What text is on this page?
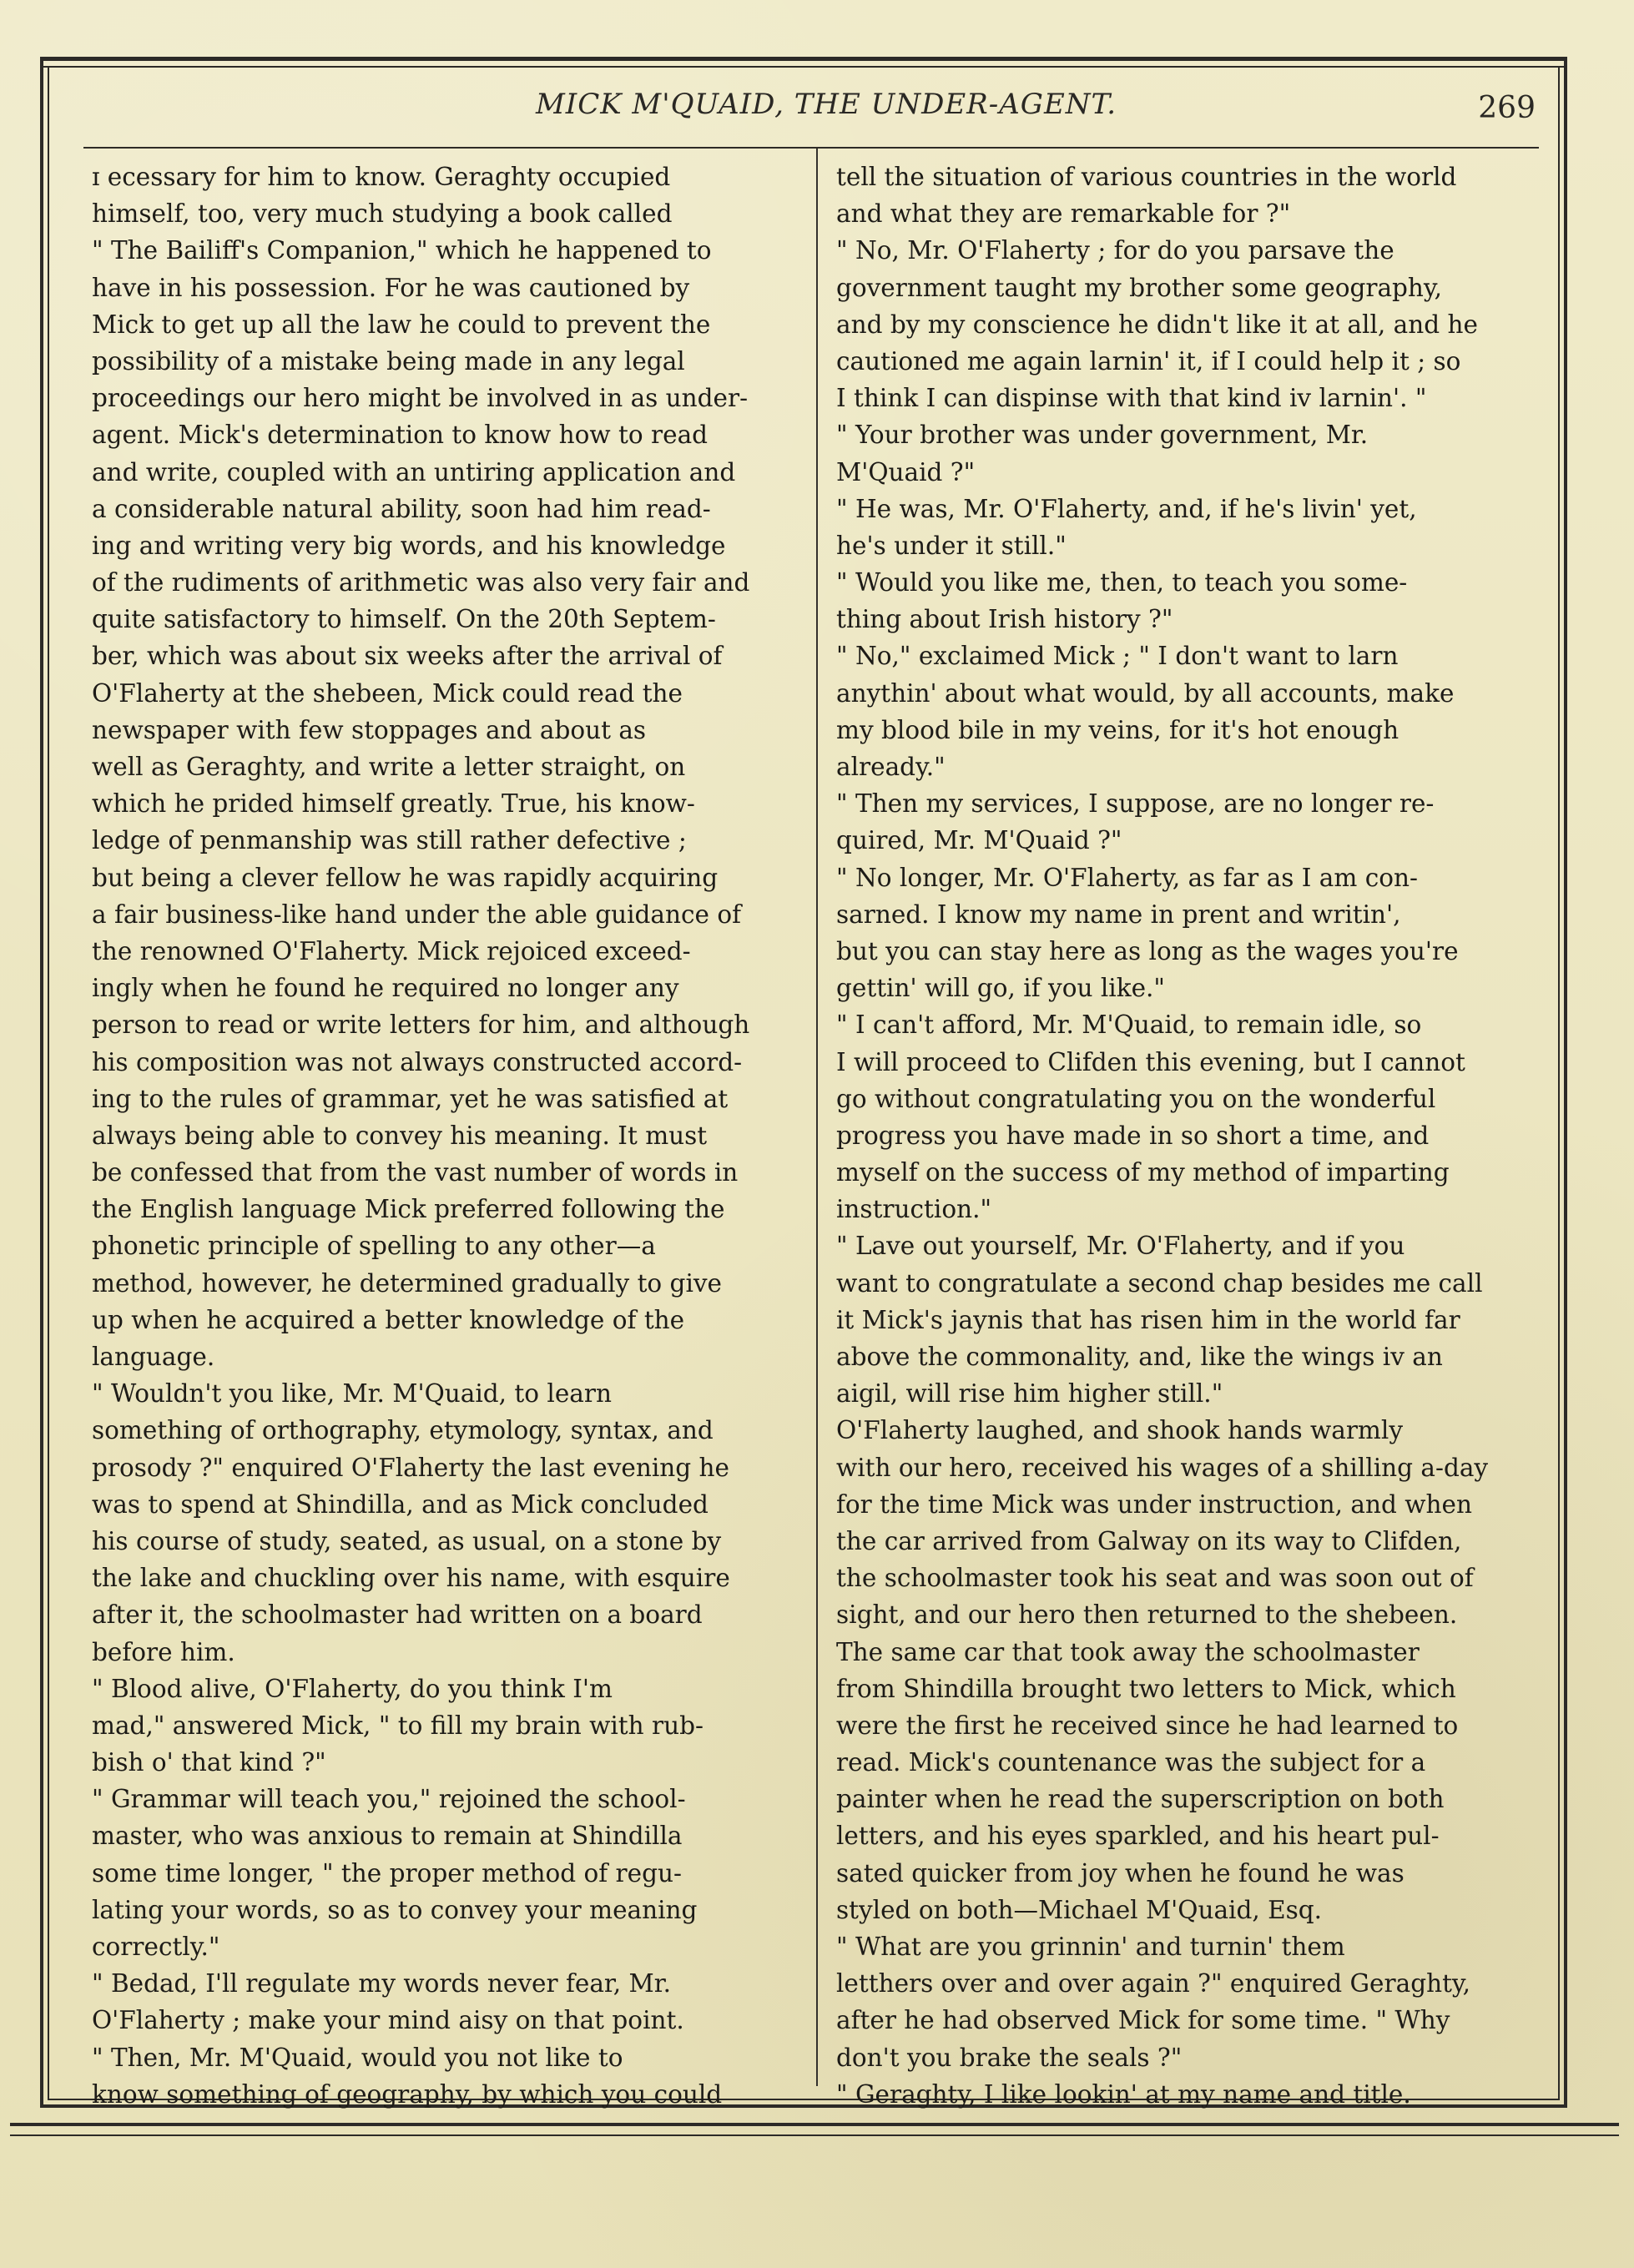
MICK M'QUAID, THE UNDER-AGENT.	269
ɪ ecessary for him to know. Geraghty occupied
himself, too, very much studying a book called
" The Bailiff's Companion," which he happened to
have in his possession. For he was cautioned by
Mick to get up all the law he could to prevent the
possibility of a mistake being made in any legal
proceedings our hero might be involved in as under-
agent. Mick's determination to know how to read
and write, coupled with an untiring application and
a considerable natural ability, soon had him read-
ing and writing very big words, and his knowledge
of the rudiments of arithmetic was also very fair and
quite satisfactory to himself. On the 20th Septem-
ber, which was about six weeks after the arrival of
O'Flaherty at the shebeen, Mick could read the
newspaper with few stoppages and about as
well as Geraghty, and write a letter straight, on
which he prided himself greatly. True, his know-
ledge of penmanship was still rather defective ;
but being a clever fellow he was rapidly acquiring
a fair business-like hand under the able guidance of
the renowned O'Flaherty. Mick rejoiced exceed-
ingly when he found he required no longer any
person to read or write letters for him, and although
his composition was not always constructed accord-
ing to the rules of grammar, yet he was satisfied at
always being able to convey his meaning. It must
be confessed that from the vast number of words in
the English language Mick preferred following the
phonetic principle of spelling to any other—a
method, however, he determined gradually to give
up when he acquired a better knowledge of the
language.
" Wouldn't you like, Mr. M'Quaid, to learn
something of orthography, etymology, syntax, and
prosody ?" enquired O'Flaherty the last evening he
was to spend at Shindilla, and as Mick concluded
his course of study, seated, as usual, on a stone by
the lake and chuckling over his name, with esquire
after it, the schoolmaster had written on a board
before him.
" Blood alive, O'Flaherty, do you think I'm
mad," answered Mick, " to fill my brain with rub-
bish o' that kind ?"
" Grammar will teach you," rejoined the school-
master, who was anxious to remain at Shindilla
some time longer, " the proper method of regu-
lating your words, so as to convey your meaning
correctly."
" Bedad, I'll regulate my words never fear, Mr.
O'Flaherty ; make your mind aisy on that point.
" Then, Mr. M'Quaid, would you not like to
know something of geography, by which you could
tell the situation of various countries in the world
and what they are remarkable for ?"
" No, Mr. O'Flaherty ; for do you parsave the
government taught my brother some geography,
and by my conscience he didn't like it at all, and he
cautioned me again larnin' it, if I could help it ; so
I think I can dispinse with that kind iv larnin'. "
" Your brother was under government, Mr.
M'Quaid ?"
" He was, Mr. O'Flaherty, and, if he's livin' yet,
he's under it still."
" Would you like me, then, to teach you some-
thing about Irish history ?"
" No," exclaimed Mick ; " I don't want to larn
anythin' about what would, by all accounts, make
my blood bile in my veins, for it's hot enough
already."
" Then my services, I suppose, are no longer re-
quired, Mr. M'Quaid ?"
" No longer, Mr. O'Flaherty, as far as I am con-
sarned. I know my name in prent and writin',
but you can stay here as long as the wages you're
gettin' will go, if you like."
" I can't afford, Mr. M'Quaid, to remain idle, so
I will proceed to Clifden this evening, but I cannot
go without congratulating you on the wonderful
progress you have made in so short a time, and
myself on the success of my method of imparting
instruction."
" Lave out yourself, Mr. O'Flaherty, and if you
want to congratulate a second chap besides me call
it Mick's jaynis that has risen him in the world far
above the commonality, and, like the wings iv an
aigil, will rise him higher still."
O'Flaherty laughed, and shook hands warmly
with our hero, received his wages of a shilling a-day
for the time Mick was under instruction, and when
the car arrived from Galway on its way to Clifden,
the schoolmaster took his seat and was soon out of
sight, and our hero then returned to the shebeen.
The same car that took away the schoolmaster
from Shindilla brought two letters to Mick, which
were the first he received since he had learned to
read. Mick's countenance was the subject for a
painter when he read the superscription on both
letters, and his eyes sparkled, and his heart pul-
sated quicker from joy when he found he was
styled on both—Michael M'Quaid, Esq.
" What are you grinnin' and turnin' them
letthers over and over again ?" enquired Geraghty,
after he had observed Mick for some time. " Why
don't you brake the seals ?"
" Geraghty, I like lookin' at my name and title.
